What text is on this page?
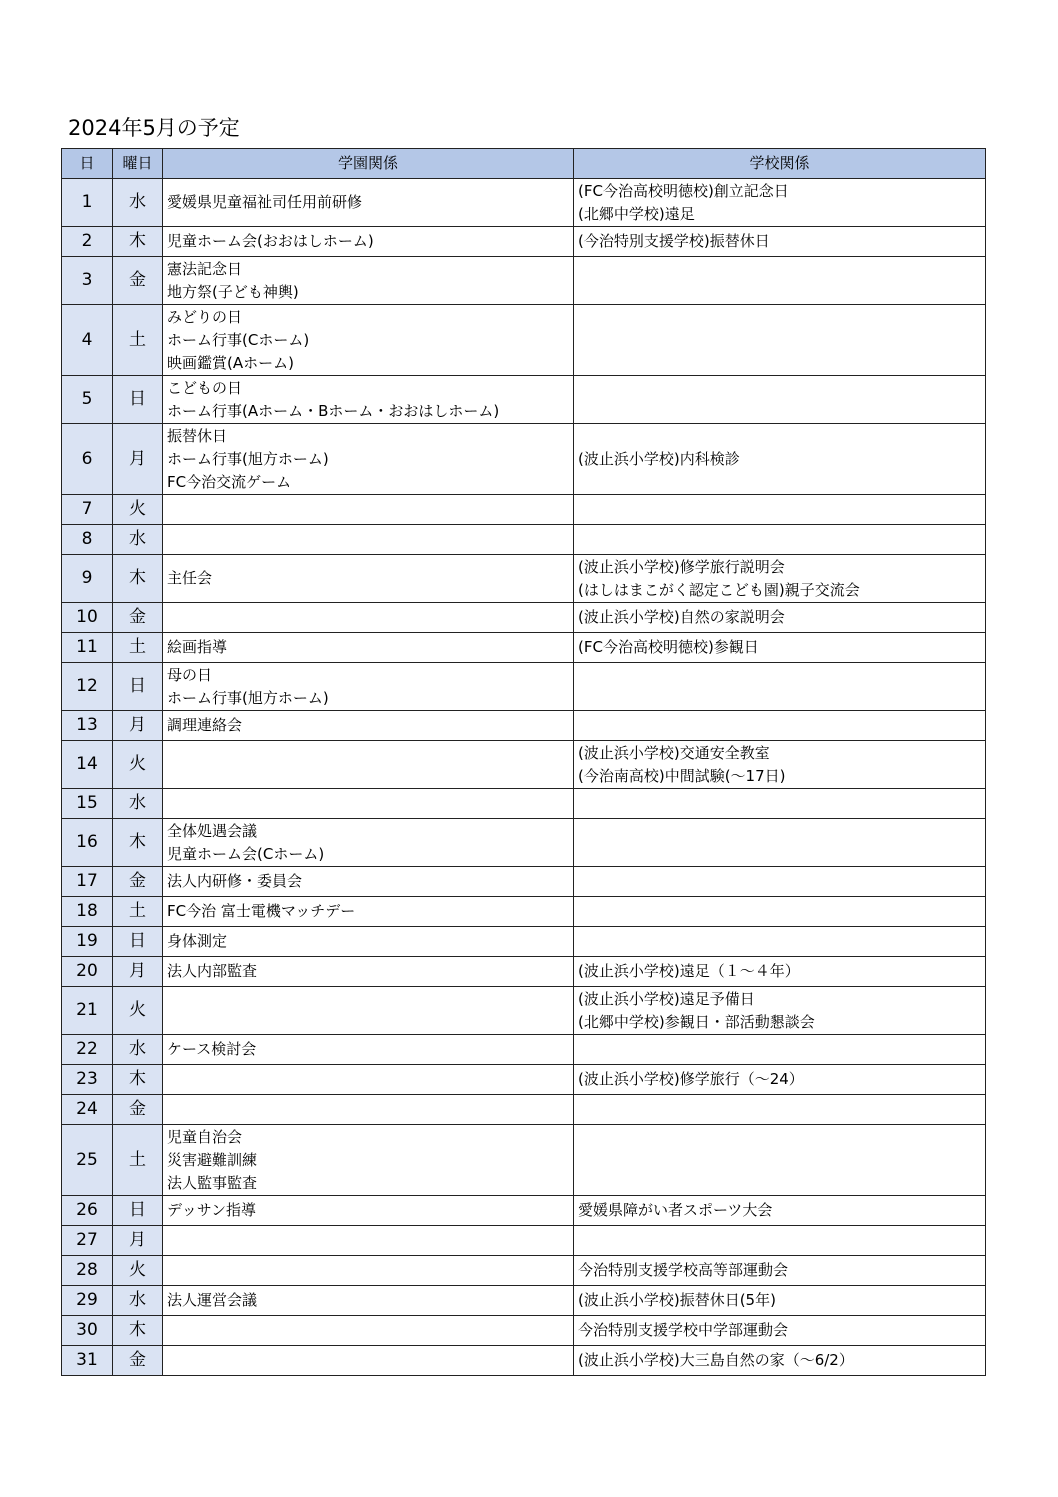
2024年5月の予定
日	曜日	学園関係	学校関係
1	水	愛媛県児童福祉司任用前研修	(FC今治高校明徳校)創立記念日
(北郷中学校)遠足

2	木	児童ホーム会(おおはしホーム)	(今治特別支援学校)振替休日

3	金	憲法記念日
地方祭(子ども神輿)	

4	土	みどりの日
ホーム行事(Cホーム)
映画鑑賞(Aホーム)	

5	日	こどもの日
ホーム行事(Aホーム・Bホーム・おおはしホーム)	

6	月	振替休日
ホーム行事(旭方ホーム)
FC今治交流ゲーム	(波止浜小学校)内科検診

7	火		
8	水		
9	木	主任会	(波止浜小学校)修学旅行説明会
(はしはまこがく認定こども園)親子交流会

10	金		(波止浜小学校)自然の家説明会

11	土	絵画指導	(FC今治高校明徳校)参観日

12	日	母の日
ホーム行事(旭方ホーム)	

13	月	調理連絡会	

14	火		(波止浜小学校)交通安全教室
(今治南高校)中間試験(～17日)

15	水		
16	木	全体処遇会議
児童ホーム会(Cホーム)	

17	金	法人内研修・委員会	

18	土	FC今治 富士電機マッチデー	

19	日	身体測定	

20	月	法人内部監査	(波止浜小学校)遠足（１～４年）

21	火		(波止浜小学校)遠足予備日
(北郷中学校)参観日・部活動懇談会

22	水	ケース検討会	

23	木		(波止浜小学校)修学旅行（～24）

24	金		
25	土	児童自治会
災害避難訓練
法人監事監査	

26	日	デッサン指導	愛媛県障がい者スポーツ大会

27	月		
28	火		今治特別支援学校高等部運動会

29	水	法人運営会議	(波止浜小学校)振替休日(5年)

30	木		今治特別支援学校中学部運動会

31	金		(波止浜小学校)大三島自然の家（～6/2）
